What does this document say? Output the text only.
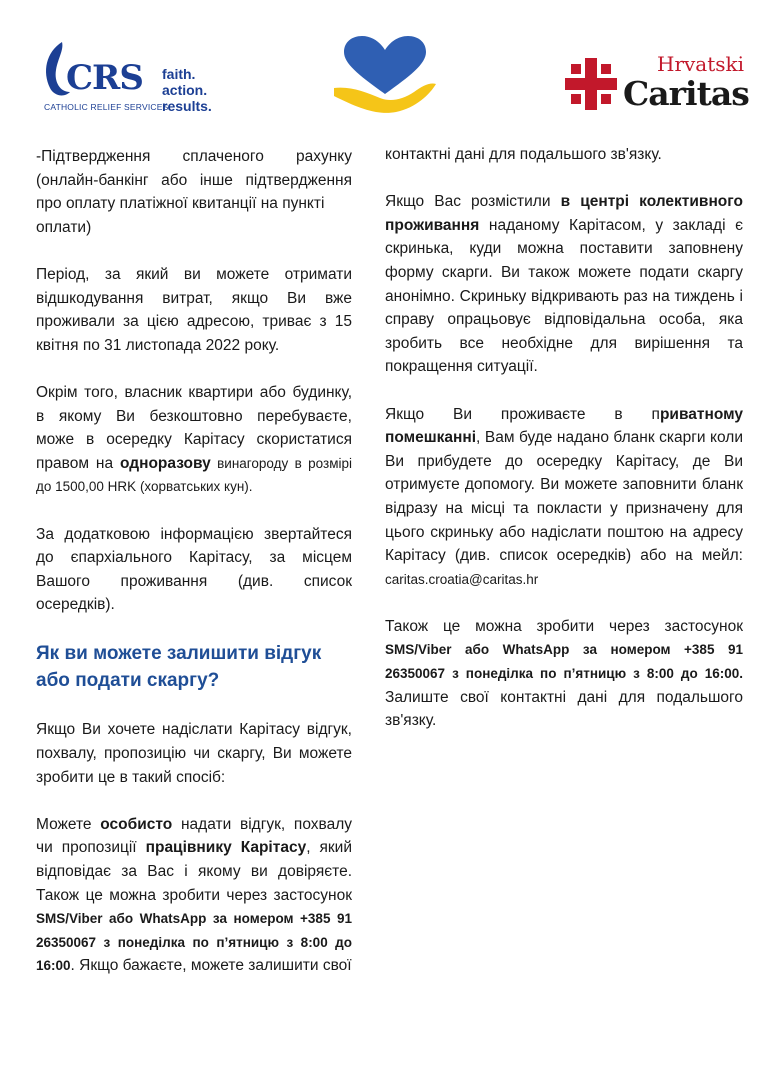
CRS
CATHOLIC RELIEF SERVICES
faith.
action.
results.
Hrvatski
Caritas
-Підтвердження сплаченого рахунку (онлайн-банкінг або інше підтвердження про оплату платіжної квитанції на пункті
оплати)
Період, за який ви можете отримати відшкодування витрат, якщо Ви вже проживали за цією адресою, триває з 15 квітня по 31 листопада 2022 року.
Окрім того, власник квартири або будинку, в якому Ви безкоштовно перебуваєте, може в осередку Карітасу скористатися правом на одноразову винагороду в розмірі до 1500,00 HRK (хорватських кун).
За додатковою інформацією звертайтеся до єпархіального Карітасу, за місцем Вашого проживання (див. список осередків).
Як ви можете залишити відгук або подати скаргу?
Якщо Ви хочете надіслати Карітасу відгук, похвалу, пропозицію чи скаргу, Ви можете зробити це в такий спосіб:
Можете особисто надати відгук, похвалу чи пропозиції працівнику Карітасу, який відповідає за Вас і якому ви довіряєте. Також це можна зробити через застосунок SMS/Viber або WhatsApp за номером +385 91 26350067 з понеділка по п’ятницю з 8:00 до 16:00. Якщо бажаєте, можете залишити свої
контактні дані для подальшого зв'язку.
Якщо Вас розмістили в центрі колективного проживання наданому Карітасом, у закладі є скринька, куди можна поставити заповнену форму скарги. Ви також можете подати скаргу анонімно. Скриньку відкривають раз на тиждень і справу опрацьовує відповідальна особа, яка зробить все необхідне для вирішення та покращення ситуації.
Якщо Ви проживаєте в приватному помешканні, Вам буде надано бланк скарги коли Ви прибудете до осередку Карітасу, де Ви отримуєте допомогу. Ви можете заповнити бланк відразу на місці та покласти у призначену для цього скриньку або надіслати поштою на адресу Карітасу (див. список осередків) або на мейл: caritas.croatia@caritas.hr
Також це можна зробити через застосунок SMS/Viber або WhatsApp за номером +385 91 26350067 з понеділка по п’ятницю з 8:00 до 16:00. Залиште свої контактні дані для подальшого зв'язку.
